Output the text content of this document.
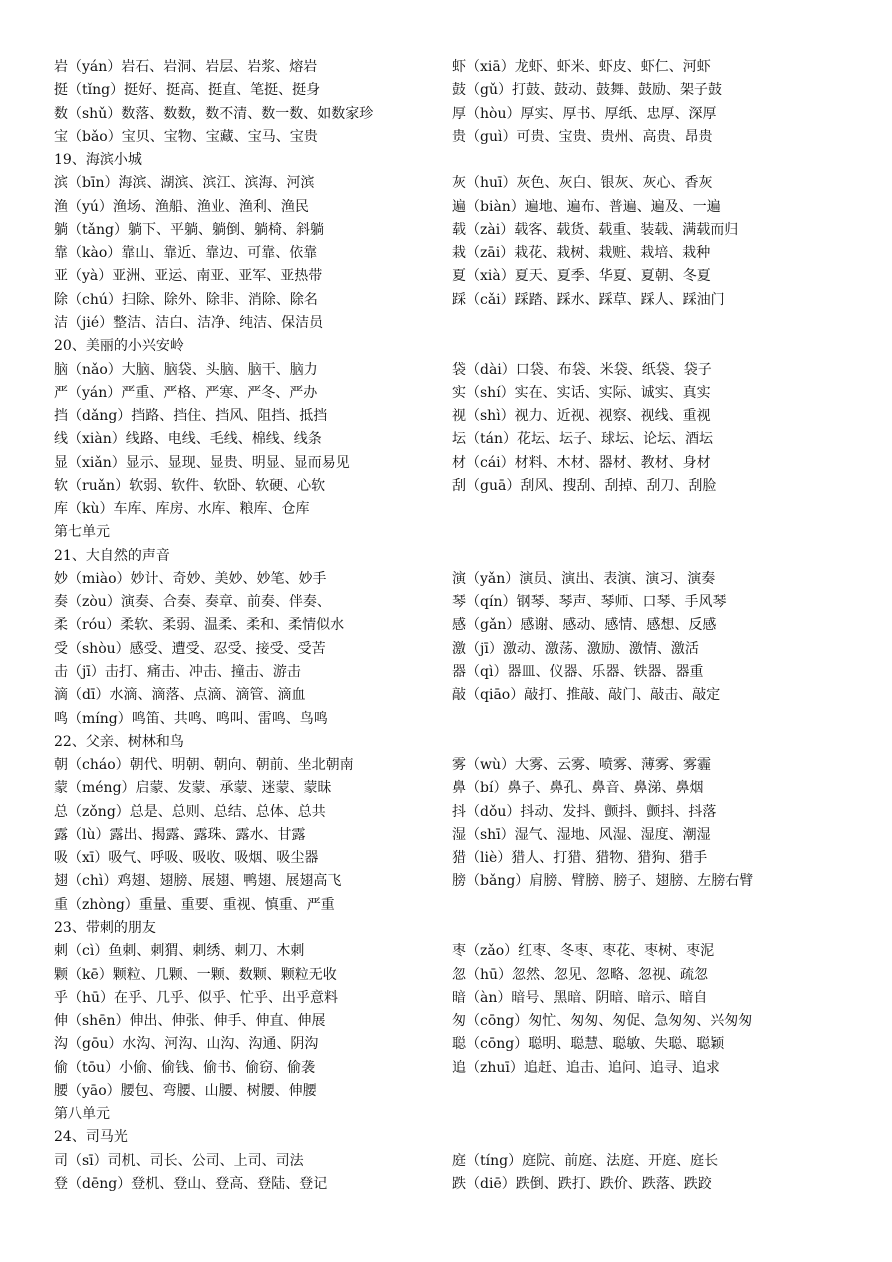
岩（yán）岩石、岩洞、岩层、岩浆、熔岩	虾（xiā）龙虾、虾米、虾皮、虾仁、河虾
挺（tǐng）挺好、挺高、挺直、笔挺、挺身	鼓（gǔ）打鼓、鼓动、鼓舞、鼓励、架子鼓
数（shǔ）数落、数数，数不清、数一数、如数家珍	厚（hòu）厚实、厚书、厚纸、忠厚、深厚
宝（bǎo）宝贝、宝物、宝藏、宝马、宝贵	贵（guì）可贵、宝贵、贵州、高贵、昂贵
19、海滨小城
滨（bīn）海滨、湖滨、滨江、滨海、河滨	灰（huī）灰色、灰白、银灰、灰心、香灰
渔（yú）渔场、渔船、渔业、渔利、渔民	遍（biàn）遍地、遍布、普遍、遍及、一遍
躺（tǎng）躺下、平躺、躺倒、躺椅、斜躺	载（zài）载客、载货、载重、装载、满载而归
靠（kào）靠山、靠近、靠边、可靠、依靠	栽（zāi）栽花、栽树、栽赃、栽培、栽种
亚（yà）亚洲、亚运、南亚、亚军、亚热带	夏（xià）夏天、夏季、华夏、夏朝、冬夏
除（chú）扫除、除外、除非、消除、除名	踩（cǎi）踩踏、踩水、踩草、踩人、踩油门
洁（jié）整洁、洁白、洁净、纯洁、保洁员
20、美丽的小兴安岭
脑（nǎo）大脑、脑袋、头脑、脑干、脑力	袋（dài）口袋、布袋、米袋、纸袋、袋子
严（yán）严重、严格、严寒、严冬、严办	实（shí）实在、实话、实际、诚实、真实
挡（dǎng）挡路、挡住、挡风、阻挡、抵挡	视（shì）视力、近视、视察、视线、重视
线（xiàn）线路、电线、毛线、棉线、线条	坛（tán）花坛、坛子、球坛、论坛、酒坛
显（xiǎn）显示、显现、显贵、明显、显而易见	材（cái）材料、木材、器材、教材、身材
软（ruǎn）软弱、软件、软卧、软硬、心软	刮（guā）刮风、搜刮、刮掉、刮刀、刮脸
库（kù）车库、库房、水库、粮库、仓库
第七单元
21、大自然的声音
妙（miào）妙计、奇妙、美妙、妙笔、妙手	演（yǎn）演员、演出、表演、演习、演奏
奏（zòu）演奏、合奏、奏章、前奏、伴奏、	琴（qín）钢琴、琴声、琴师、口琴、手风琴
柔（róu）柔软、柔弱、温柔、柔和、柔情似水	感（gǎn）感谢、感动、感情、感想、反感
受（shòu）感受、遭受、忍受、接受、受苦	激（jī）激动、激荡、激励、激情、激活
击（jī）击打、痛击、冲击、撞击、游击	器（qì）器皿、仪器、乐器、铁器、器重
滴（dī）水滴、滴落、点滴、滴管、滴血	敲（qiāo）敲打、推敲、敲门、敲击、敲定
鸣（míng）鸣笛、共鸣、鸣叫、雷鸣、鸟鸣
22、父亲、树林和鸟
朝（cháo）朝代、明朝、朝向、朝前、坐北朝南	雾（wù）大雾、云雾、喷雾、薄雾、雾霾
蒙（méng）启蒙、发蒙、承蒙、迷蒙、蒙昧	鼻（bí）鼻子、鼻孔、鼻音、鼻涕、鼻烟
总（zǒng）总是、总则、总结、总体、总共	抖（dǒu）抖动、发抖、颤抖、颤抖、抖落
露（lù）露出、揭露、露珠、露水、甘露	湿（shī）湿气、湿地、风湿、湿度、潮湿
吸（xī）吸气、呼吸、吸收、吸烟、吸尘器	猎（liè）猎人、打猎、猎物、猎狗、猎手
翅（chì）鸡翅、翅膀、展翅、鸭翅、展翅高飞	膀（bǎng）肩膀、臂膀、膀子、翅膀、左膀右臂
重（zhòng）重量、重要、重视、慎重、严重
23、带刺的朋友
刺（cì）鱼刺、刺猬、刺绣、刺刀、木刺	枣（zǎo）红枣、冬枣、枣花、枣树、枣泥
颗（kē）颗粒、几颗、一颗、数颗、颗粒无收	忽（hū）忽然、忽见、忽略、忽视、疏忽
乎（hū）在乎、几乎、似乎、忙乎、出乎意料	暗（àn）暗号、黑暗、阴暗、暗示、暗自
伸（shēn）伸出、伸张、伸手、伸直、伸展	匆（cōng）匆忙、匆匆、匆促、急匆匆、兴匆匆
沟（gōu）水沟、河沟、山沟、沟通、阴沟	聪（cōng）聪明、聪慧、聪敏、失聪、聪颖
偷（tōu）小偷、偷钱、偷书、偷窃、偷袭	追（zhuī）追赶、追击、追问、追寻、追求
腰（yāo）腰包、弯腰、山腰、树腰、伸腰
第八单元
24、司马光
司（sī）司机、司长、公司、上司、司法	庭（tíng）庭院、前庭、法庭、开庭、庭长
登（dēng）登机、登山、登高、登陆、登记	跌（diē）跌倒、跌打、跌价、跌落、跌跤
